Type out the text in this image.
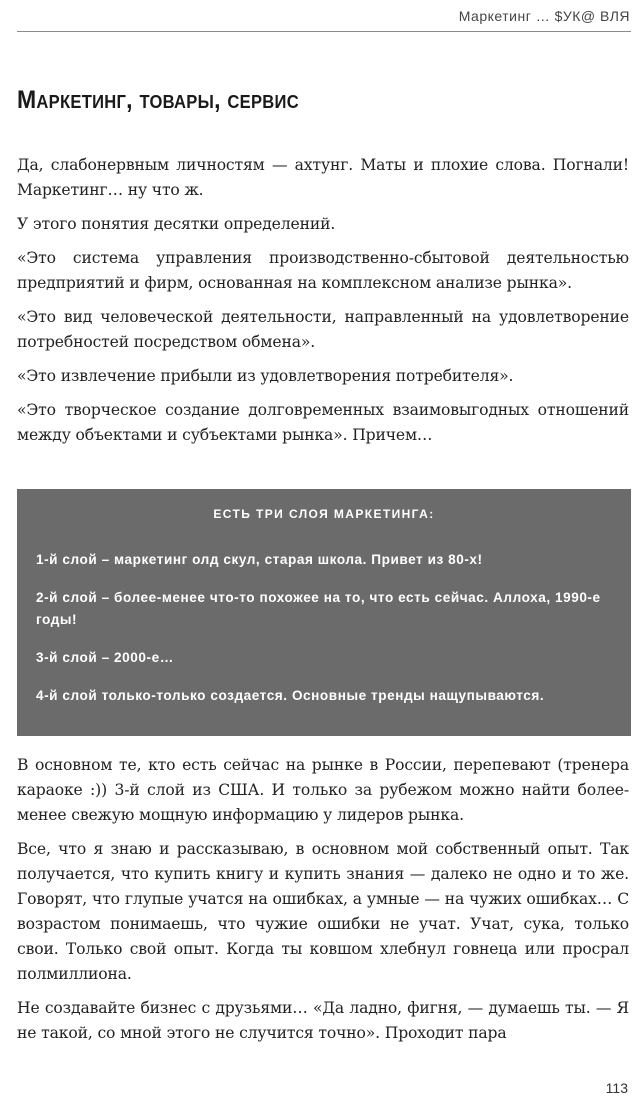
Маркетинг … $УК@ ВЛЯ
Маркетинг, товары, сервис

Да, слабонервным личностям — ахтунг. Маты и плохие слова. Погнали! Маркетинг… ну что ж.

У этого понятия десятки определений.

«Это система управления производственно-сбытовой деятельностью предприятий и фирм, основанная на комплексном анализе рынка».

«Это вид человеческой деятельности, направленный на удовлетворение потребностей посредством обмена».

«Это извлечение прибыли из удовлетворения потребителя».

«Это творческое создание долговременных взаимовыгодных отношений между объектами и субъектами рынка». Причем…

ЕСТЬ ТРИ СЛОЯ МАРКЕТИНГА:
1-й слой – маркетинг олд скул, старая школа. Привет из 80-х!
2-й слой – более-менее что-то похожее на то, что есть сейчас. Аллоха, 1990-е годы!
3-й слой – 2000-е…
4-й слой только-только создается. Основные тренды нащупываются.

В основном те, кто есть сейчас на рынке в России, перепевают (тренера караоке :)) 3-й слой из США. И только за рубежом можно найти более-менее свежую мощную информацию у лидеров рынка.

Все, что я знаю и рассказываю, в основном мой собственный опыт. Так получается, что купить книгу и купить знания — далеко не одно и то же. Говорят, что глупые учатся на ошибках, а умные — на чужих ошибках… С возрастом понимаешь, что чужие ошибки не учат. Учат, сука, только свои. Только свой опыт. Когда ты ковшом хлебнул говнеца или просрал полмиллиона.

Не создавайте бизнес с друзьями… «Да ладно, фигня, — думаешь ты. — Я не такой, со мной этого не случится точно». Проходит пара

113
